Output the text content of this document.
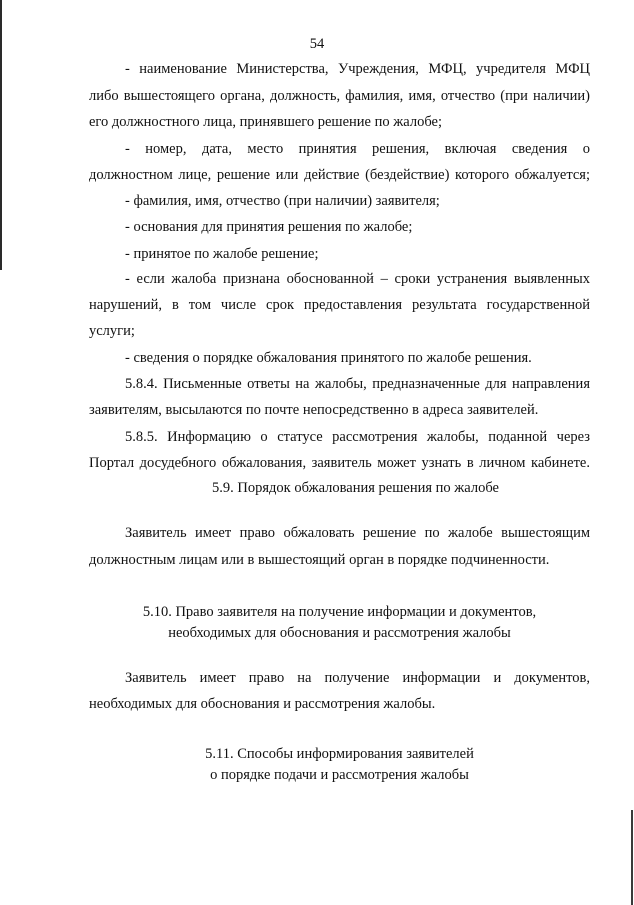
54
- наименование Министерства, Учреждения, МФЦ, учредителя МФЦ
либо вышестоящего органа, должность, фамилия, имя, отчество (при наличии)
его должностного лица, принявшего решение по жалобе;
- номер, дата, место принятия решения, включая сведения о
должностном лице, решение или действие (бездействие) которого обжалуется;
- фамилия, имя, отчество (при наличии) заявителя;
- основания для принятия решения по жалобе;
- принятое по жалобе решение;
- если жалоба признана обоснованной – сроки устранения выявленных
нарушений, в том числе срок предоставления результата государственной
услуги;
- сведения о порядке обжалования принятого по жалобе решения.
5.8.4. Письменные ответы на жалобы, предназначенные для направления
заявителям, высылаются по почте непосредственно в адреса заявителей.
5.8.5. Информацию о статусе рассмотрения жалобы, поданной через
Портал досудебного обжалования, заявитель может узнать в личном кабинете.
5.9. Порядок обжалования решения по жалобе
Заявитель имеет право обжаловать решение по жалобе вышестоящим
должностным лицам или в вышестоящий орган в порядке подчиненности.
5.10. Право заявителя на получение информации и документов,
необходимых для обоснования и рассмотрения жалобы
Заявитель имеет право на получение информации и документов,
необходимых для обоснования и рассмотрения жалобы.
5.11. Способы информирования заявителей
о порядке подачи и рассмотрения жалобы
